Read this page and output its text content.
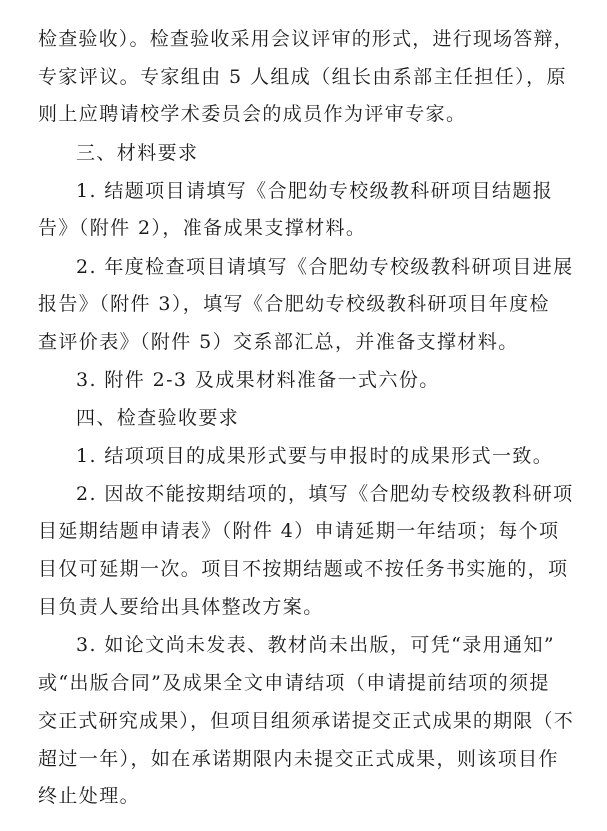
检查验收）。检查验收采用会议评审的形式，进行现场答辩，
专家评议。专家组由 5 人组成（组长由系部主任担任），原
则上应聘请校学术委员会的成员作为评审专家。
三、材料要求
1. 结题项目请填写《合肥幼专校级教科研项目结题报
告》（附件 2），准备成果支撑材料。
2. 年度检查项目请填写《合肥幼专校级教科研项目进展
报告》（附件 3），填写《合肥幼专校级教科研项目年度检
查评价表》（附件 5）交系部汇总，并准备支撑材料。
3. 附件 2-3 及成果材料准备一式六份。
四、检查验收要求
1. 结项项目的成果形式要与申报时的成果形式一致。
2. 因故不能按期结项的，填写《合肥幼专校级教科研项
目延期结题申请表》（附件 4）申请延期一年结项；每个项
目仅可延期一次。项目不按期结题或不按任务书实施的，项
目负责人要给出具体整改方案。
3. 如论文尚未发表、教材尚未出版，可凭“录用通知”
或“出版合同”及成果全文申请结项（申请提前结项的须提
交正式研究成果），但项目组须承诺提交正式成果的期限（不
超过一年），如在承诺期限内未提交正式成果，则该项目作
终止处理。
